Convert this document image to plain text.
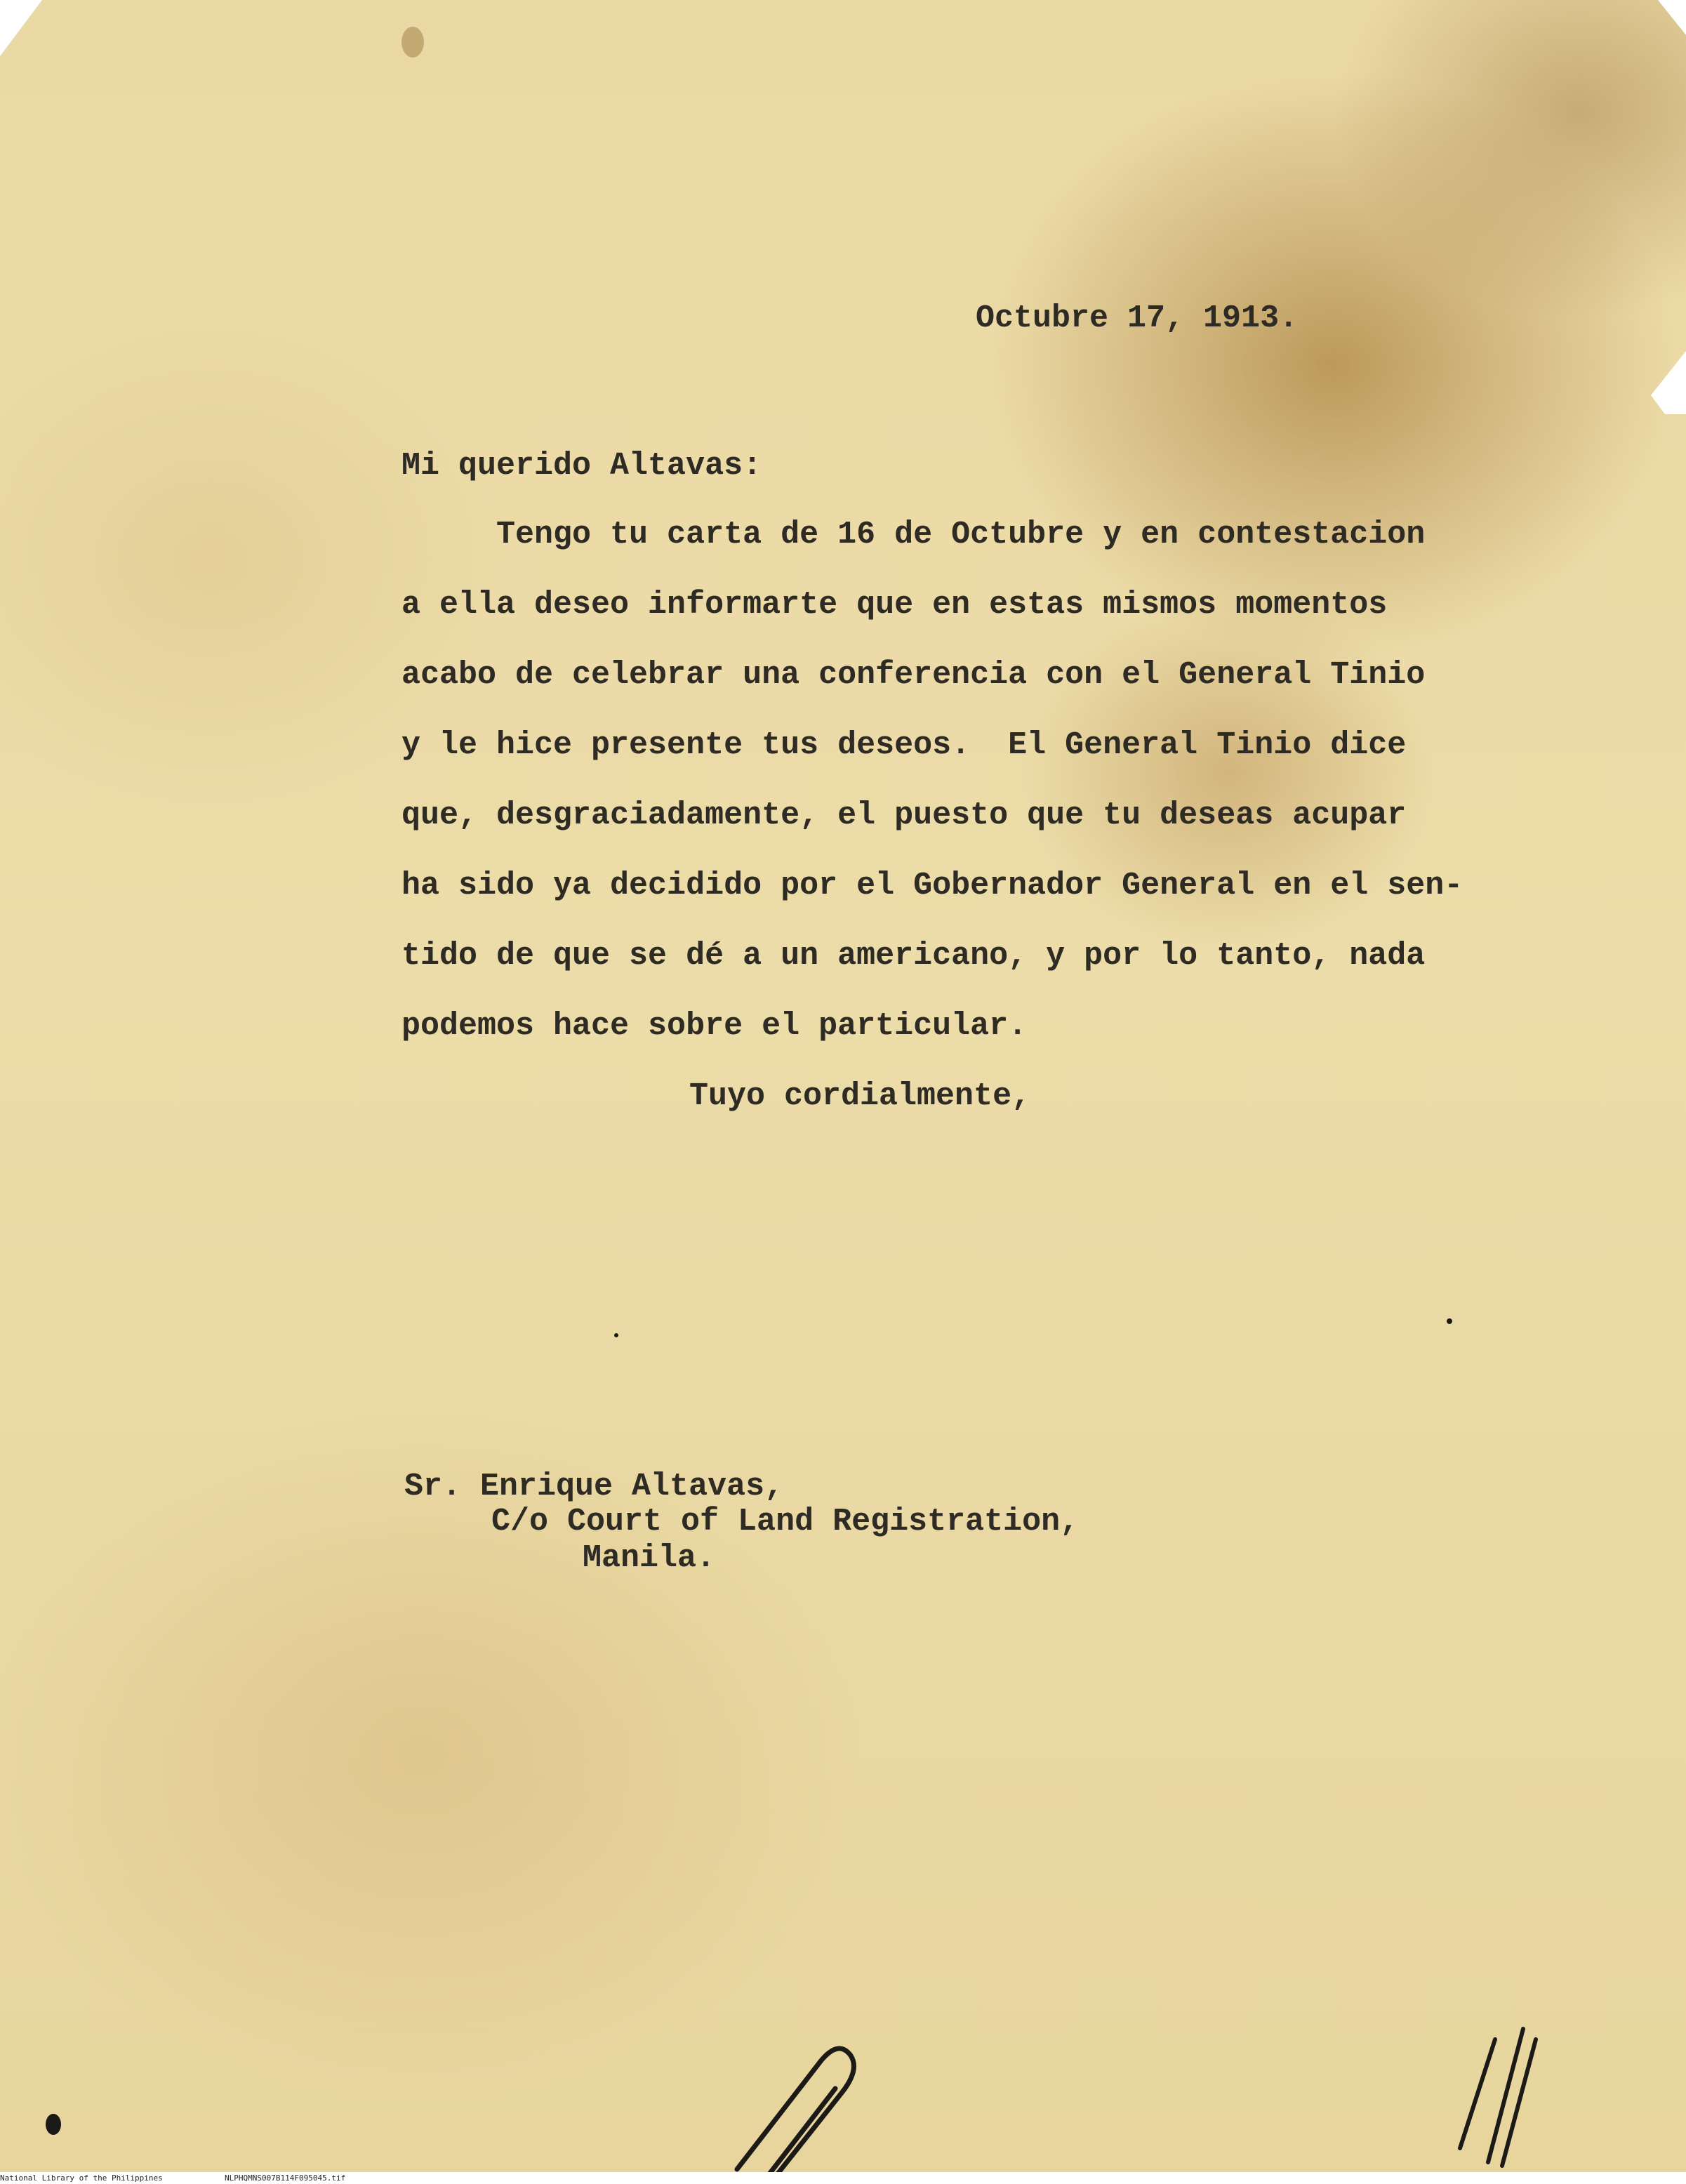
Octubre 17, 1913.

Mi querido Altavas:

Tengo tu carta de 16 de Octubre y en contestacion

a ella deseo informarte que en estas mismos momentos

acabo de celebrar una conferencia con el General Tinio

y le hice presente tus deseos.  El General Tinio dice

que, desgraciadamente, el puesto que tu deseas acupar

ha sido ya decidido por el Gobernador General en el sen-

tido de que se dé a un americano, y por lo tanto, nada

podemos hace sobre el particular.

Tuyo cordialmente,

Sr. Enrique Altavas,

C/o Court of Land Registration,

Manila.

National Library of the Philippines	NLPHQMNS007B114F095045.tif
